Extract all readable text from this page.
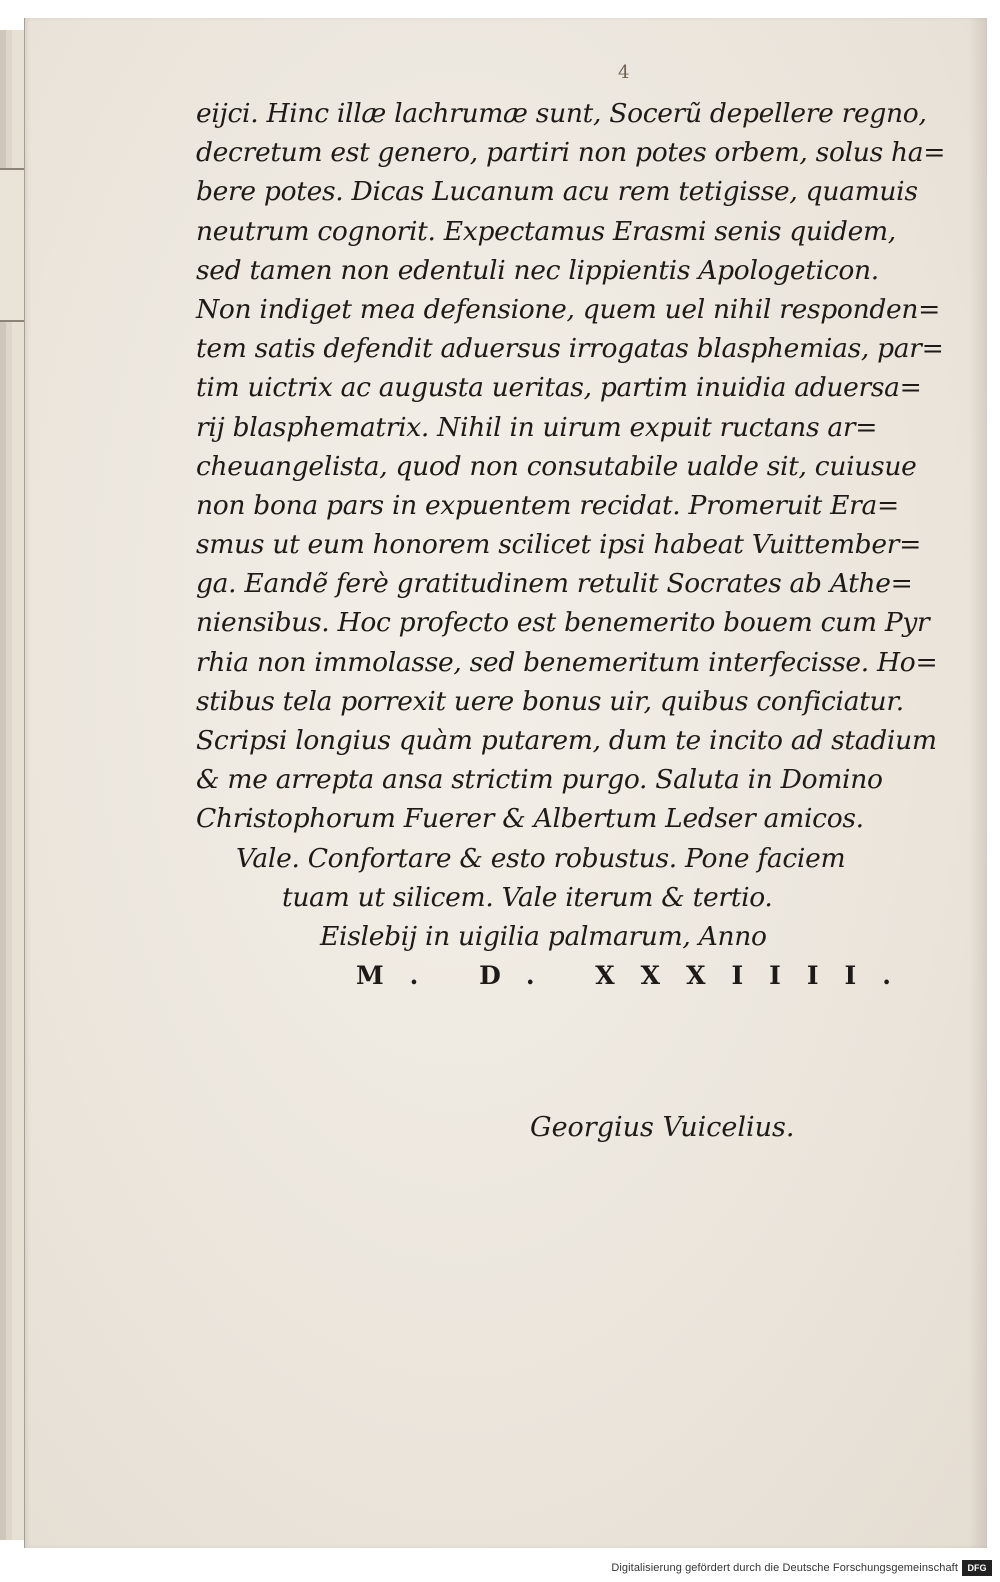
4
eijci. Hinc illæ lachrumæ sunt, Socerũ depellere regno,
decretum est genero, partiri non potes orbem, solus ha=
bere potes. Dicas Lucanum acu rem tetigisse, quamuis
neutrum cognorit. Expectamus Erasmi senis quidem,
sed tamen non edentuli nec lippientis Apologeticon.
Non indiget mea defensione, quem uel nihil responden=
tem satis defendit aduersus irrogatas blasphemias, par=
tim uictrix ac augusta ueritas, partim inuidia aduersa=
rij blasphematrix. Nihil in uirum expuit ructans ar=
cheuangelista, quod non consutabile ualde sit, cuiusue
non bona pars in expuentem recidat. Promeruit Era=
smus ut eum honorem scilicet ipsi habeat Vuittember=
ga. Eandẽ ferè gratitudinem retulit Socrates ab Athe=
niensibus. Hoc profecto est benemerito bouem cum Pyr
rhia non immolasse, sed benemeritum interfecisse. Ho=
stibus tela porrexit uere bonus uir, quibus conficiatur.
Scripsi longius quàm putarem, dum te incito ad stadium
& me arrepta ansa strictim purgo. Saluta in Domino
Christophorum Fuerer & Albertum Ledser amicos.
Vale. Confortare & esto robustus. Pone faciem
tuam ut silicem. Vale iterum & tertio.
Eislebij in uigilia palmarum, Anno
M. D. XXXIIII.
Georgius Vuicelius.
Digitalisierung gefördert durch die Deutsche Forschungsgemeinschaft	DFG
